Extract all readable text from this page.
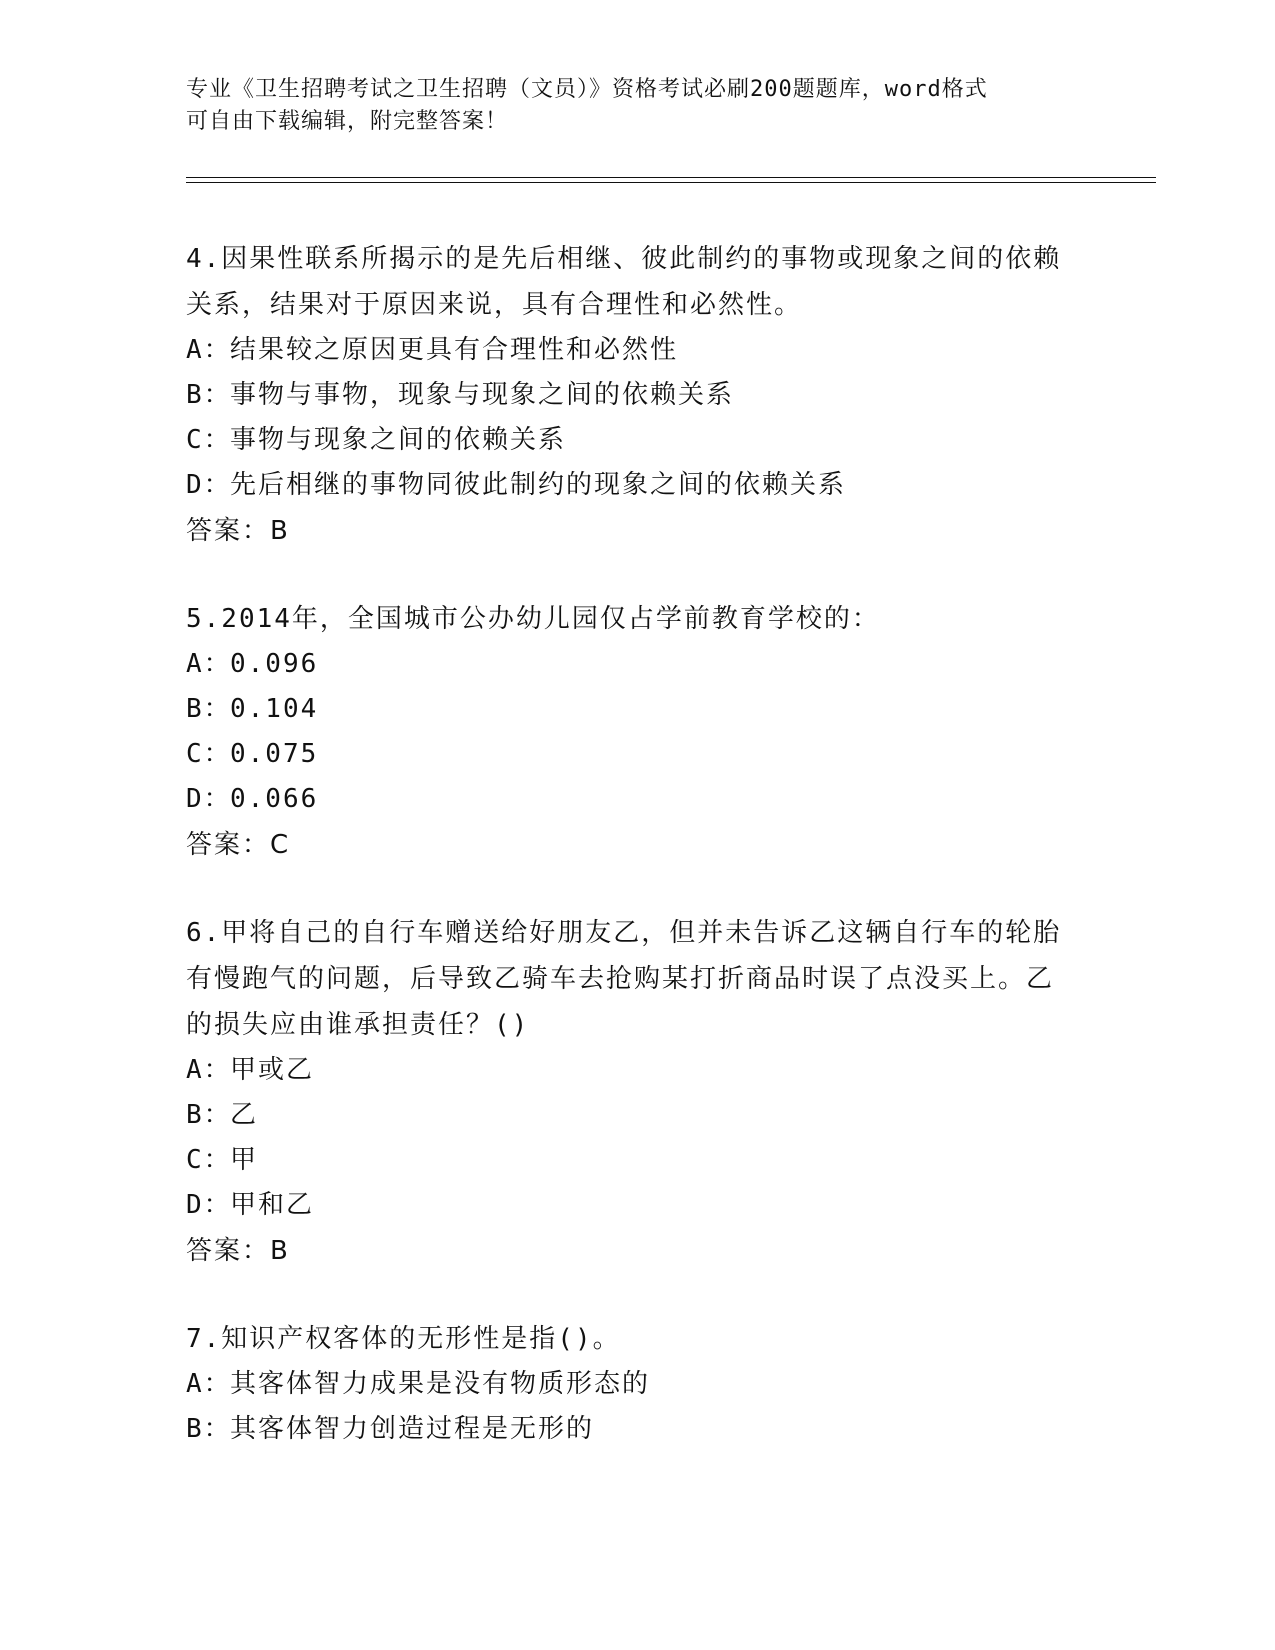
专业《卫生招聘考试之卫生招聘（文员）》资格考试必刷200题题库，word格式
可自由下载编辑，附完整答案！
4.因果性联系所揭示的是先后相继、彼此制约的事物或现象之间的依赖关系，结果对于原因来说，具有合理性和必然性。
A：结果较之原因更具有合理性和必然性
B：事物与事物，现象与现象之间的依赖关系
C：事物与现象之间的依赖关系
D：先后相继的事物同彼此制约的现象之间的依赖关系
答案：B
5.2014年，全国城市公办幼儿园仅占学前教育学校的：
A：0.096
B：0.104
C：0.075
D：0.066
答案：C
6.甲将自己的自行车赠送给好朋友乙，但并未告诉乙这辆自行车的轮胎有慢跑气的问题，后导致乙骑车去抢购某打折商品时误了点没买上。乙的损失应由谁承担责任？()
A：甲或乙
B：乙
C：甲
D：甲和乙
答案：B
7.知识产权客体的无形性是指()。
A：其客体智力成果是没有物质形态的
B：其客体智力创造过程是无形的
